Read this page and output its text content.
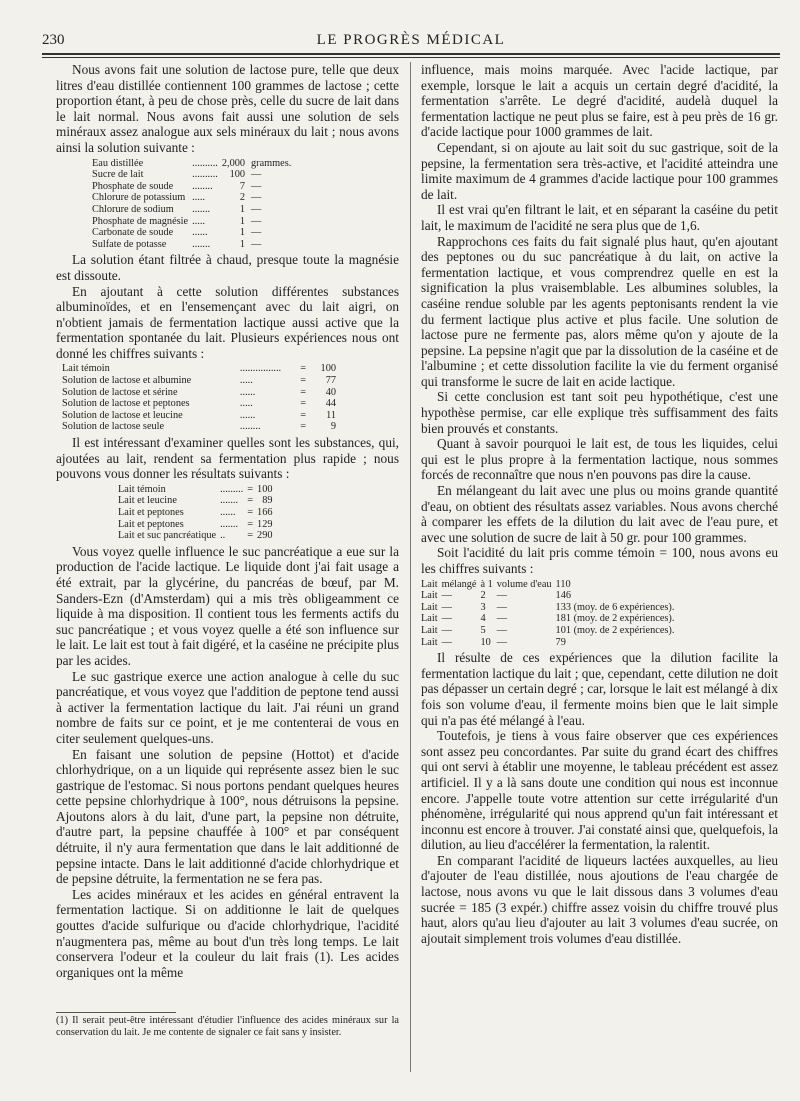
230	LE PROGRÈS MÉDICAL

Nous avons fait une solution de lactose pure, telle que deux litres d'eau distillée contiennent 100 grammes de lactose ; cette proportion étant, à peu de chose près, celle du sucre de lait dans le lait normal. Nous avons fait aussi une solution de sels minéraux assez analogue aux sels minéraux du lait ; nous avons ainsi la solution suivante :

Eau distillée	..........	2,000	grammes.
Sucre de lait	..........	100	—
Phosphate de soude	........	7	—
Chlorure de potassium	.....	2	—
Chlorure de sodium	.......	1	—
Phosphate de magnésie	.....	1	—
Carbonate de soude	......	1	—
Sulfate de potasse	.......	1	—

La solution étant filtrée à chaud, presque toute la magnésie est dissoute.

En ajoutant à cette solution différentes substances albuminoïdes, et en l'ensemençant avec du lait aigri, on n'obtient jamais de fermentation lactique aussi active que la fermentation spontanée du lait. Plusieurs expériences nous ont donné les chiffres suivants :

Lait témoin	................	=	100
Solution de lactose et albumine	.....	=	77
Solution de lactose et sérine	......	=	40
Solution de lactose et peptones	.....	=	44
Solution de lactose et leucine	......	=	11
Solution de lactose seule	........	=	9

Il est intéressant d'examiner quelles sont les substances, qui, ajoutées au lait, rendent sa fermentation plus rapide ; nous pouvons vous donner les résultats suivants :

Lait témoin	.........	=	100
Lait et leucine	.......	=	89
Lait et peptones	......	=	166
Lait et peptones	.......	=	129
Lait et suc pancréatique	..	=	290

Vous voyez quelle influence le suc pancréatique a eue sur la production de l'acide lactique. Le liquide dont j'ai fait usage a été extrait, par la glycérine, du pancréas de bœuf, par M. Sanders-Ezn (d'Amsterdam) qui a mis très obligeamment ce liquide à ma disposition. Il contient tous les ferments actifs du suc pancréatique ; et vous voyez quelle a été son influence sur le lait. Le lait est tout à fait digéré, et la caséine ne précipite plus par les acides.

Le suc gastrique exerce une action analogue à celle du suc pancréatique, et vous voyez que l'addition de peptone tend aussi à activer la fermentation lactique du lait. J'ai réuni un grand nombre de faits sur ce point, et je me contenterai de vous en citer seulement quelques-uns.

En faisant une solution de pepsine (Hottot) et d'acide chlorhydrique, on a un liquide qui représente assez bien le suc gastrique de l'estomac. Si nous portons pendant quelques heures cette pepsine chlorhydrique à 100°, nous détruisons la pepsine. Ajoutons alors à du lait, d'une part, la pepsine non détruite, d'autre part, la pepsine chauffée à 100° et par conséquent détruite, il n'y aura fermentation que dans le lait additionné de pepsine intacte. Dans le lait additionné d'acide chlorhydrique et de pepsine détruite, la fermentation ne se fera pas.

Les acides minéraux et les acides en général entravent la fermentation lactique. Si on additionne le lait de quelques gouttes d'acide sulfurique ou d'acide chlorhydrique, l'acidité n'augmentera pas, même au bout d'un très long temps. Le lait conservera l'odeur et la couleur du lait frais (1). Les acides organiques ont la même

influence, mais moins marquée. Avec l'acide lactique, par exemple, lorsque le lait a acquis un certain degré d'acidité, la fermentation s'arrête. Le degré d'acidité, audelà duquel la fermentation lactique ne peut plus se faire, est à peu près de 16 gr. d'acide lactique pour 1000 grammes de lait.

Cependant, si on ajoute au lait soit du suc gastrique, soit de la pepsine, la fermentation sera très-active, et l'acidité atteindra une limite maximum de 4 grammes d'acide lactique pour 100 grammes de lait.

Il est vrai qu'en filtrant le lait, et en séparant la caséine du petit lait, le maximum de l'acidité ne sera plus que de 1,6.

Rapprochons ces faits du fait signalé plus haut, qu'en ajoutant des peptones ou du suc pancréatique à du lait, on active la fermentation lactique, et vous comprendrez quelle en est la signification la plus vraisemblable. Les albumines solubles, la caséine rendue soluble par les agents peptonisants rendent la vie du ferment lactique plus active et plus facile. Une solution de lactose pure ne fermente pas, alors même qu'on y ajoute de la pepsine. La pepsine n'agit que par la dissolution de la caséine et de l'albumine ; et cette dissolution facilite la vie du ferment organisé qui transforme le sucre de lait en acide lactique.

Si cette conclusion est tant soit peu hypothétique, c'est une hypothèse permise, car elle explique très suffisamment des faits bien prouvés et constants.

Quant à savoir pourquoi le lait est, de tous les liquides, celui qui est le plus propre à la fermentation lactique, nous sommes forcés de reconnaître que nous n'en pouvons pas dire la cause.

En mélangeant du lait avec une plus ou moins grande quantité d'eau, on obtient des résultats assez variables. Nous avons cherché à comparer les effets de la dilution du lait avec de l'eau pure, et avec une solution de sucre de lait à 50 gr. pour 100 grammes.

Soit l'acidité du lait pris comme témoin = 100, nous avons eu les chiffres suivants :

Lait	mélangé	à 1	volume d'eau	110
Lait	—	2	—	146
Lait	—	3	—	133 (moy. de 6 expériences).
Lait	—	4	—	181 (moy. de 2 expériences).
Lait	—	5	—	101 (moy. de 2 expériences).
Lait	—	10	—	79

Il résulte de ces expériences que la dilution facilite la fermentation lactique du lait ; que, cependant, cette dilution ne doit pas dépasser un certain degré ; car, lorsque le lait est mélangé à dix fois son volume d'eau, il fermente moins bien que le lait simple qui n'a pas été mélangé à l'eau.

Toutefois, je tiens à vous faire observer que ces expériences sont assez peu concordantes. Par suite du grand écart des chiffres qui ont servi à établir une moyenne, le tableau précédent est assez artificiel. Il y a là sans doute une condition qui nous est inconnue encore. J'appelle toute votre attention sur cette irrégularité d'un phénomène, irrégularité qui nous apprend qu'un fait intéressant et inconnu est encore à trouver. J'ai constaté ainsi que, quelquefois, la dilution, au lieu d'accélérer la fermentation, la ralentit.

En comparant l'acidité de liqueurs lactées auxquelles, au lieu d'ajouter de l'eau distillée, nous ajoutions de l'eau chargée de lactose, nous avons vu que le lait dissous dans 3 volumes d'eau sucrée = 185 (3 expér.) chiffre assez voisin du chiffre trouvé plus haut, alors qu'au lieu d'ajouter au lait 3 volumes d'eau sucrée, on ajoutait simplement trois volumes d'eau distillée.

(1) Il serait peut-être intéressant d'étudier l'influence des acides minéraux sur la conservation du lait. Je me contente de signaler ce fait sans y insister.
